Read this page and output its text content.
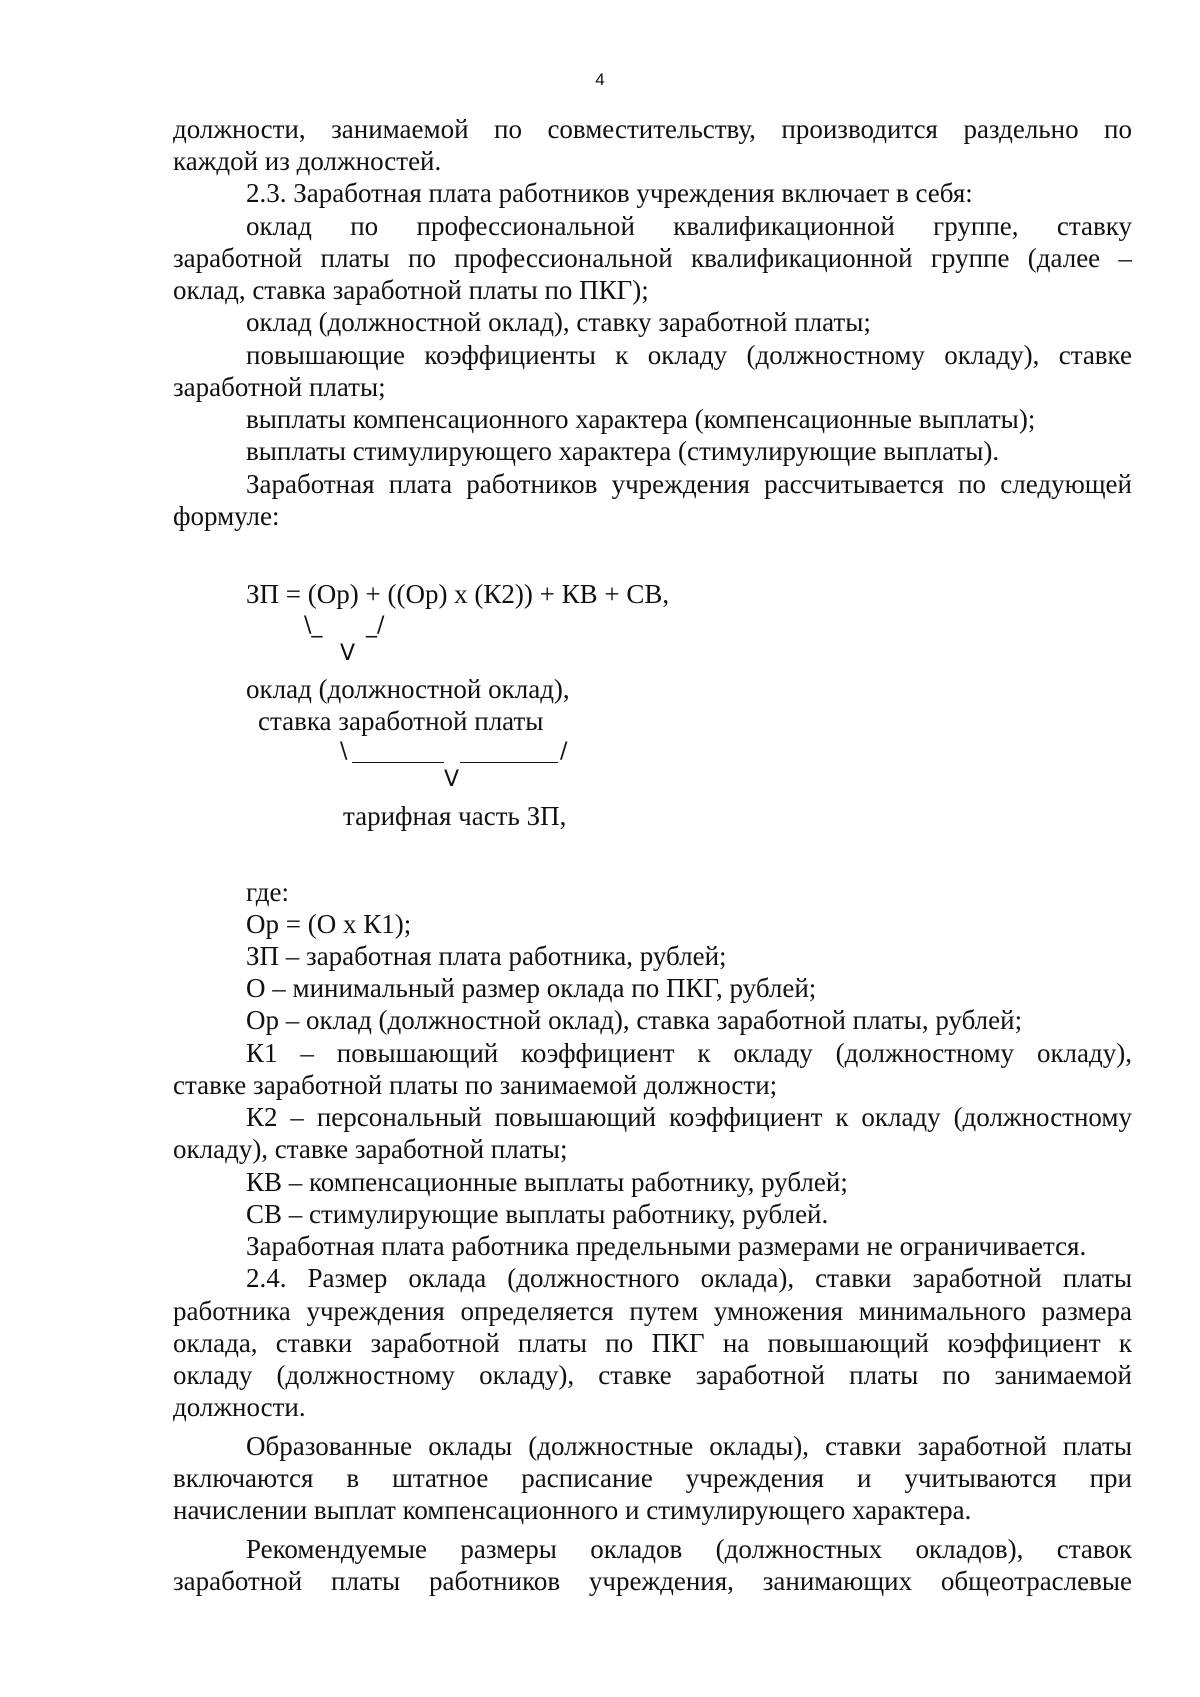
4
должности, занимаемой по совместительству, производится раздельно по
каждой из должностей.
2.3. Заработная плата работников учреждения включает в себя:
оклад по профессиональной квалификационной группе, ставку
заработной платы по профессиональной квалификационной группе (далее –
оклад, ставка заработной платы по ПКГ);
оклад (должностной оклад), ставку заработной платы;
повышающие коэффициенты к окладу (должностному окладу), ставке
заработной платы;
выплаты компенсационного характера (компенсационные выплаты);
выплаты стимулирующего характера (стимулирующие выплаты).
Заработная плата работников учреждения рассчитывается по следующей
формуле:
ЗП = (Ор) + ((Ор) х (К2)) + КВ + СВ,
\_ _/
V
оклад (должностной оклад),
ставка заработной платы
\	/
V
тарифная часть ЗП,
где:
Ор = (О х К1);
ЗП – заработная плата работника, рублей;
О – минимальный размер оклада по ПКГ, рублей;
Ор – оклад (должностной оклад), ставка заработной платы, рублей;
К1 – повышающий коэффициент к окладу (должностному окладу),
ставке заработной платы по занимаемой должности;
К2 – персональный повышающий коэффициент к окладу (должностному
окладу), ставке заработной платы;
КВ – компенсационные выплаты работнику, рублей;
СВ – стимулирующие выплаты работнику, рублей.
Заработная плата работника предельными размерами не ограничивается.
2.4. Размер оклада (должностного оклада), ставки заработной платы
работника учреждения определяется путем умножения минимального размера
оклада, ставки заработной платы по ПКГ на повышающий коэффициент к
окладу (должностному окладу), ставке заработной платы по занимаемой
должности.
Образованные оклады (должностные оклады), ставки заработной платы
включаются в штатное расписание учреждения и учитываются при
начислении выплат компенсационного и стимулирующего характера.
Рекомендуемые размеры окладов (должностных окладов), ставок
заработной платы работников учреждения, занимающих общеотраслевые
